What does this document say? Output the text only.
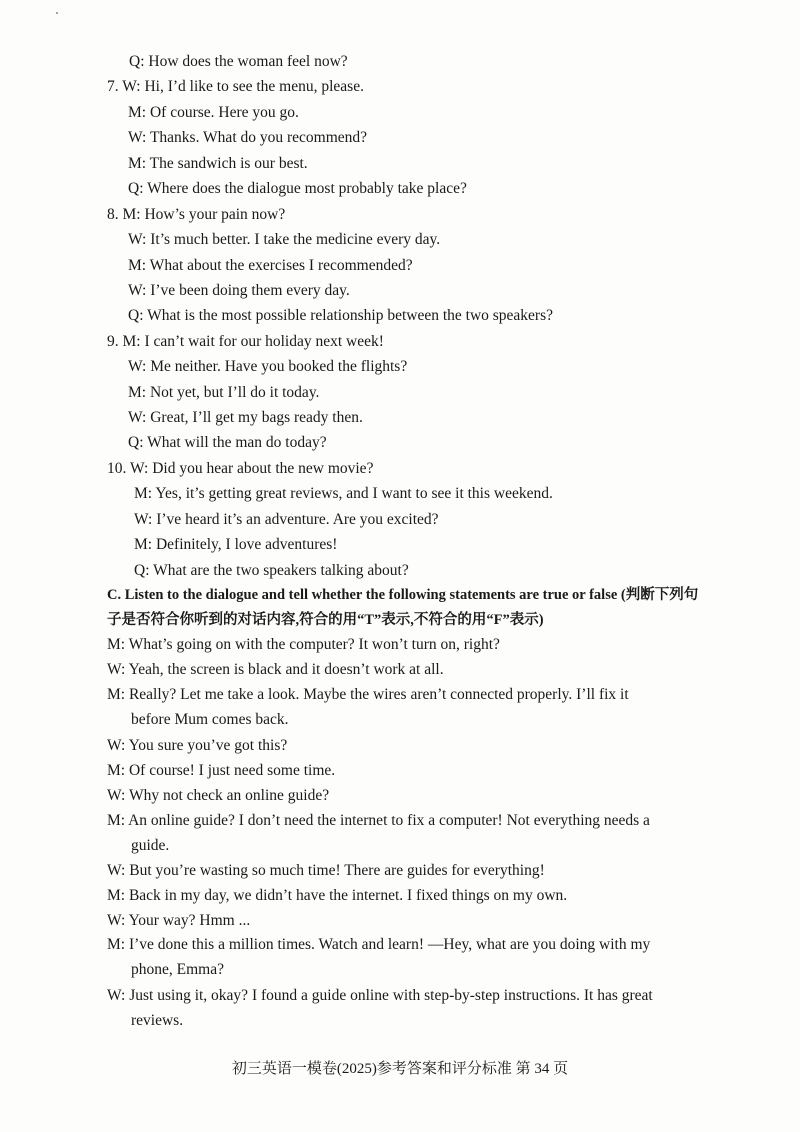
Q: How does the woman feel now?
7. W: Hi, I’d like to see the menu, please.
M: Of course. Here you go.
W: Thanks. What do you recommend?
M: The sandwich is our best.
Q: Where does the dialogue most probably take place?
8. M: How’s your pain now?
W: It’s much better. I take the medicine every day.
M: What about the exercises I recommended?
W: I’ve been doing them every day.
Q: What is the most possible relationship between the two speakers?
9. M: I can’t wait for our holiday next week!
W: Me neither. Have you booked the flights?
M: Not yet, but I’ll do it today.
W: Great, I’ll get my bags ready then.
Q: What will the man do today?
10. W: Did you hear about the new movie?
M: Yes, it’s getting great reviews, and I want to see it this weekend.
W: I’ve heard it’s an adventure. Are you excited?
M: Definitely, I love adventures!
Q: What are the two speakers talking about?
C. Listen to the dialogue and tell whether the following statements are true or false (判断下列句
子是否符合你听到的对话内容,符合的用“T”表示,不符合的用“F”表示)
M: What’s going on with the computer? It won’t turn on, right?
W: Yeah, the screen is black and it doesn’t work at all.
M: Really? Let me take a look. Maybe the wires aren’t connected properly. I’ll fix it
before Mum comes back.
W: You sure you’ve got this?
M: Of course! I just need some time.
W: Why not check an online guide?
M: An online guide? I don’t need the internet to fix a computer! Not everything needs a
guide.
W: But you’re wasting so much time! There are guides for everything!
M: Back in my day, we didn’t have the internet. I fixed things on my own.
W: Your way? Hmm ...
M: I’ve done this a million times. Watch and learn! —Hey, what are you doing with my
phone, Emma?
W: Just using it, okay? I found a guide online with step-by-step instructions. It has great
reviews.
初三英语一模卷(2025)参考答案和评分标准 第 34 页
